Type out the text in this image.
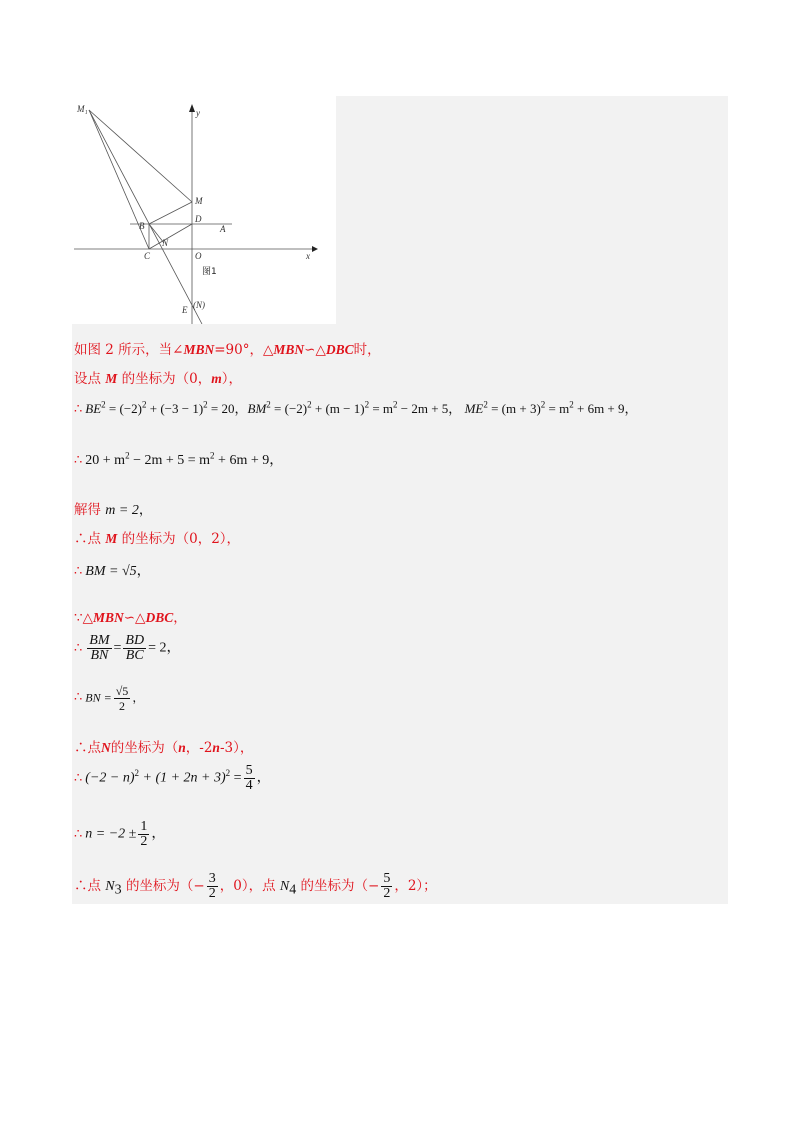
M₁	y
M
D
A
B
N
C	O	x
E (N)
图1
如图 2 所示，当∠MBN=90°，△MBN∽△DBC时，
设点 M 的坐标为（0，m），
∴ $BE^2 = (-2)^2 + (-3 - 1)^2 = 20$，$BM^2 = (-2)^2 + (m - 1)^2 = m^2 - 2m + 5$， $ME^2 = (m + 3)^2 = m^2 + 6m + 9$，
∴ $20 + m^2 - 2m + 5 = m^2 + 6m + 9$，
解得 m = 2，
∴点 M 的坐标为（0，2），
∴ BM = √5，
∵△MBN∽△DBC，
∴ $\frac{BM}{BN} = \frac{BD}{BC} = 2$，
∴ BN = $\frac{√5}{2}$ ，
∴点N的坐标为（n，-2n-3），
∴ $(-2 - n)^2 + (1 + 2n + 3)^2 = \frac{5}{4}$ ，
∴ $n = -2 \pm \frac{1}{2}$ ，
∴点 $N_3$ 的坐标为（− $\frac{3}{2}$ ，0），点 $N_4$ 的坐标为（− $\frac{5}{2}$ ，2）；
